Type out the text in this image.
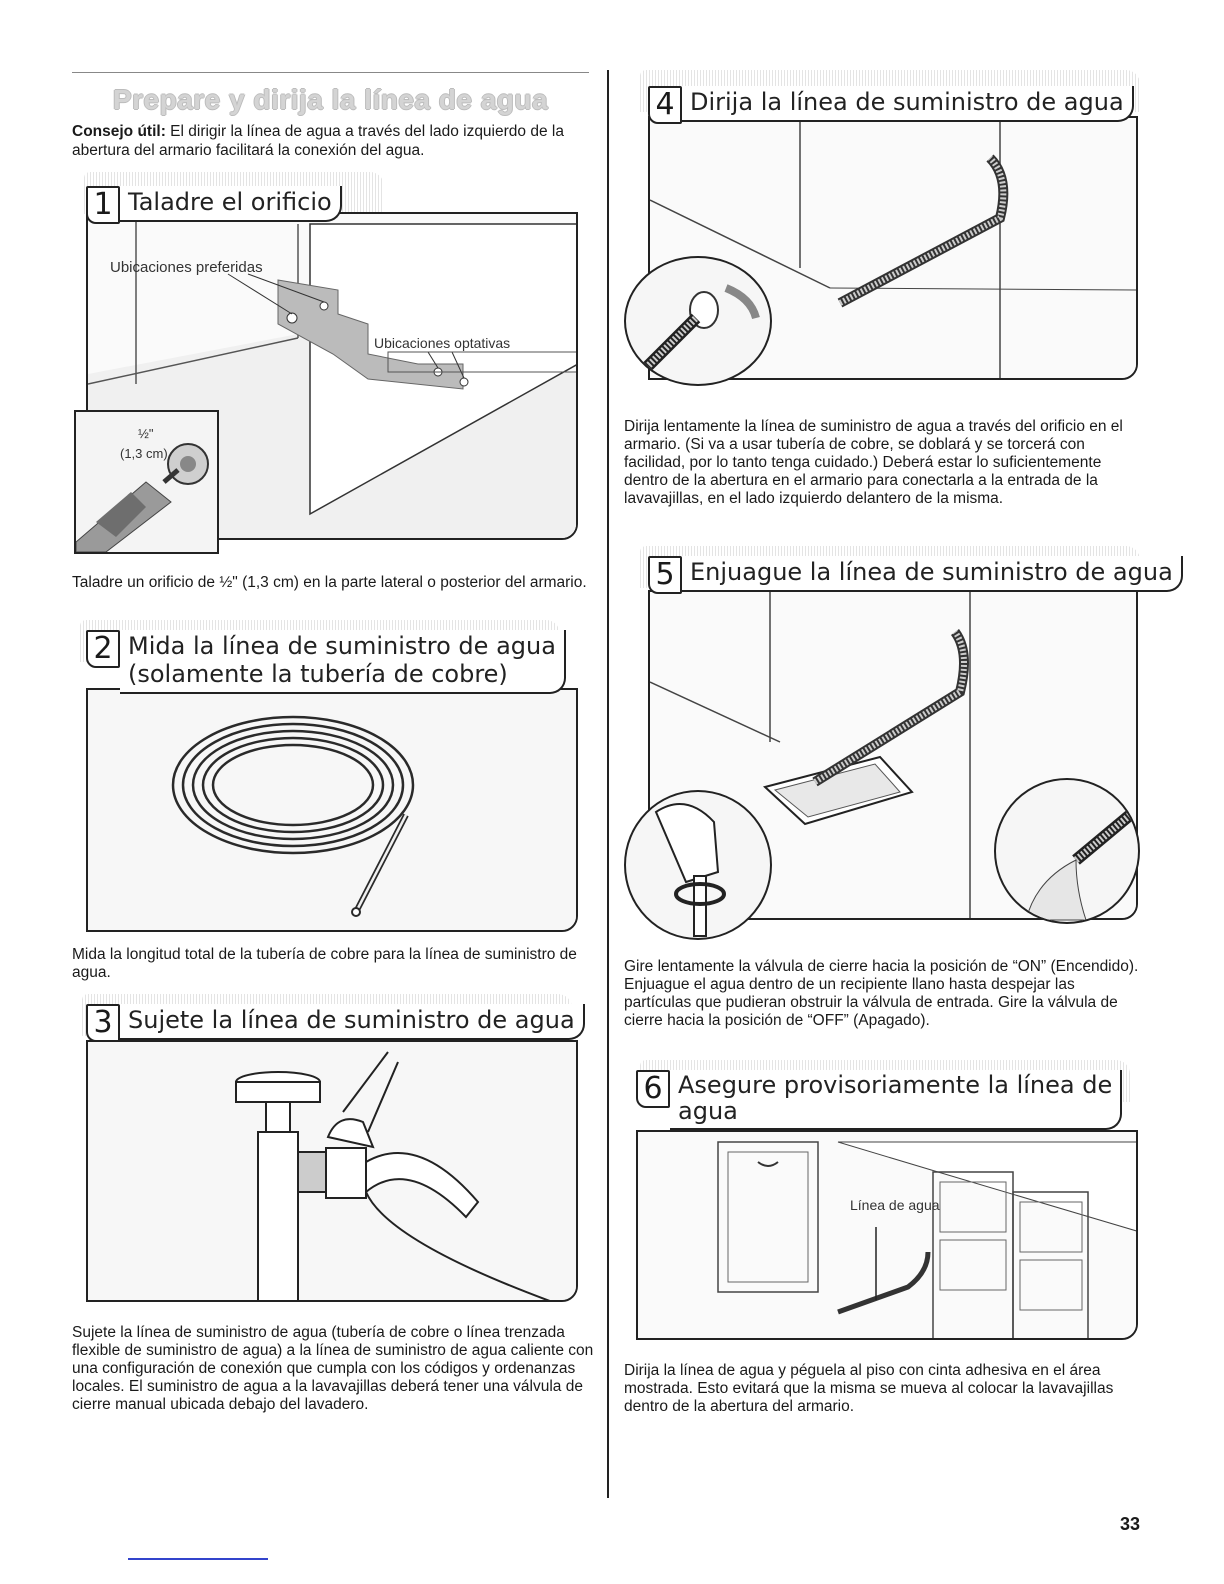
Prepare y dirija la línea de agua

Consejo útil: El dirigir la línea de agua a través del lado izquierdo de la abertura del armario facilitará la conexión del agua.

Ubicaciones preferidas
Ubicaciones optativas
½"
(1,3 cm)
1 Taladre el orificio

Taladre un orificio de ½" (1,3 cm) en la parte lateral o posterior del armario.

2 Mida la línea de suministro de agua
(solamente la tubería de cobre)

Mida la longitud total de la tubería de cobre para la línea de suministro de agua.

3 Sujete la línea de suministro de agua

Sujete la línea de suministro de agua (tubería de cobre o línea trenzada flexible de suministro de agua) a la línea de suministro de agua caliente con una configuración de conexión que cumpla con los códigos y ordenanzas locales. El suministro de agua a la lavavajillas deberá tener una válvula de cierre manual ubicada debajo del lavadero.

4 Dirija la línea de suministro de agua

Dirija lentamente la línea de suministro de agua a través del orificio en el armario. (Si va a usar tubería de cobre, se doblará y se torcerá con facilidad, por lo tanto tenga cuidado.) Deberá estar lo suficientemente dentro de la abertura en el armario para conectarla a la entrada de la lavavajillas, en el lado izquierdo delantero de la misma.

5 Enjuague la línea de suministro de agua

Gire lentamente la válvula de cierre hacia la posición de “ON” (Encendido). Enjuague el agua dentro de un recipiente llano hasta despejar las partículas que pudieran obstruir la válvula de entrada. Gire la válvula de cierre hacia la posición de “OFF” (Apagado).

Línea de agua
6 Asegure provisoriamente la línea de
agua

Dirija la línea de agua y péguela al piso con cinta adhesiva en el área mostrada. Esto evitará que la misma se mueva al colocar la lavavajillas dentro de la abertura del armario.

33
